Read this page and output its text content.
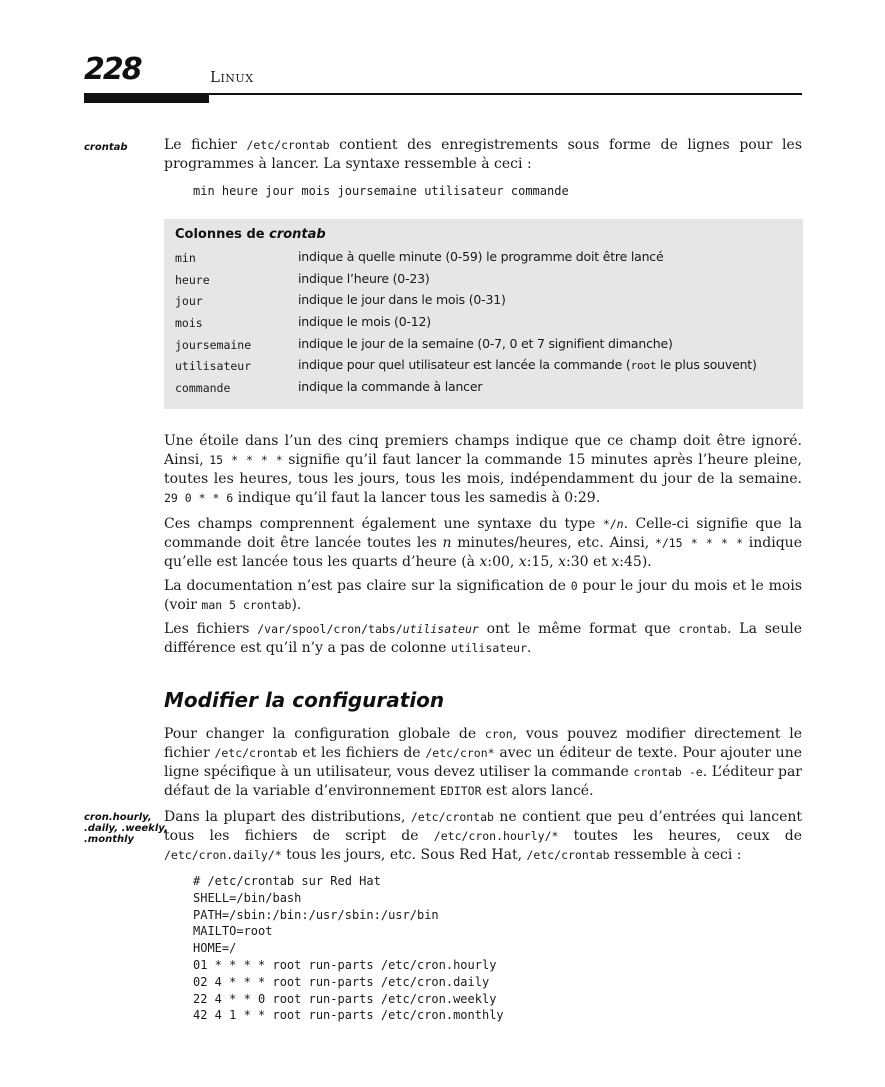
228	Linux
crontab
cron.hourly, .daily, .weekly, .monthly
Le fichier /etc/crontab contient des enregistrements sous forme de lignes pour les programmes à lancer. La syntaxe ressemble à ceci :
min heure jour mois joursemaine utilisateur commande
Colonnes de crontab
min	indique à quelle minute (0-59) le programme doit être lancé
heure	indique l’heure (0-23)
jour	indique le jour dans le mois (0-31)
mois	indique le mois (0-12)
joursemaine	indique le jour de la semaine (0-7, 0 et 7 signifient dimanche)
utilisateur	indique pour quel utilisateur est lancée la commande (root le plus souvent)
commande	indique la commande à lancer
Une étoile dans l’un des cinq premiers champs indique que ce champ doit être ignoré. Ainsi, 15 * * * * signifie qu’il faut lancer la commande 15 minutes après l’heure pleine, toutes les heures, tous les jours, tous les mois, indépendamment du jour de la semaine. 29 0 * * 6 indique qu’il faut la lancer tous les samedis à 0:29.
Ces champs comprennent également une syntaxe du type */n. Celle-ci signifie que la commande doit être lancée toutes les n minutes/heures, etc. Ainsi, */15 * * * * indique qu’elle est lancée tous les quarts d’heure (à x:00, x:15, x:30 et x:45).
La documentation n’est pas claire sur la signification de 0 pour le jour du mois et le mois (voir man 5 crontab).
Les fichiers /var/spool/cron/tabs/utilisateur ont le même format que crontab. La seule différence est qu’il n’y a pas de colonne utilisateur.
Modifier la configuration
Pour changer la configuration globale de cron, vous pouvez modifier directement le fichier /etc/crontab et les fichiers de /etc/cron* avec un éditeur de texte. Pour ajouter une ligne spécifique à un utilisateur, vous devez utiliser la commande crontab -e. L’éditeur par défaut de la variable d’environnement EDITOR est alors lancé.
Dans la plupart des distributions, /etc/crontab ne contient que peu d’entrées qui lancent tous les fichiers de script de /etc/cron.hourly/* toutes les heures, ceux de /etc/cron.daily/* tous les jours, etc. Sous Red Hat, /etc/crontab ressemble à ceci :
# /etc/crontab sur Red Hat
SHELL=/bin/bash
PATH=/sbin:/bin:/usr/sbin:/usr/bin
MAILTO=root
HOME=/
01 * * * * root run-parts /etc/cron.hourly
02 4 * * * root run-parts /etc/cron.daily
22 4 * * 0 root run-parts /etc/cron.weekly
42 4 1 * * root run-parts /etc/cron.monthly
